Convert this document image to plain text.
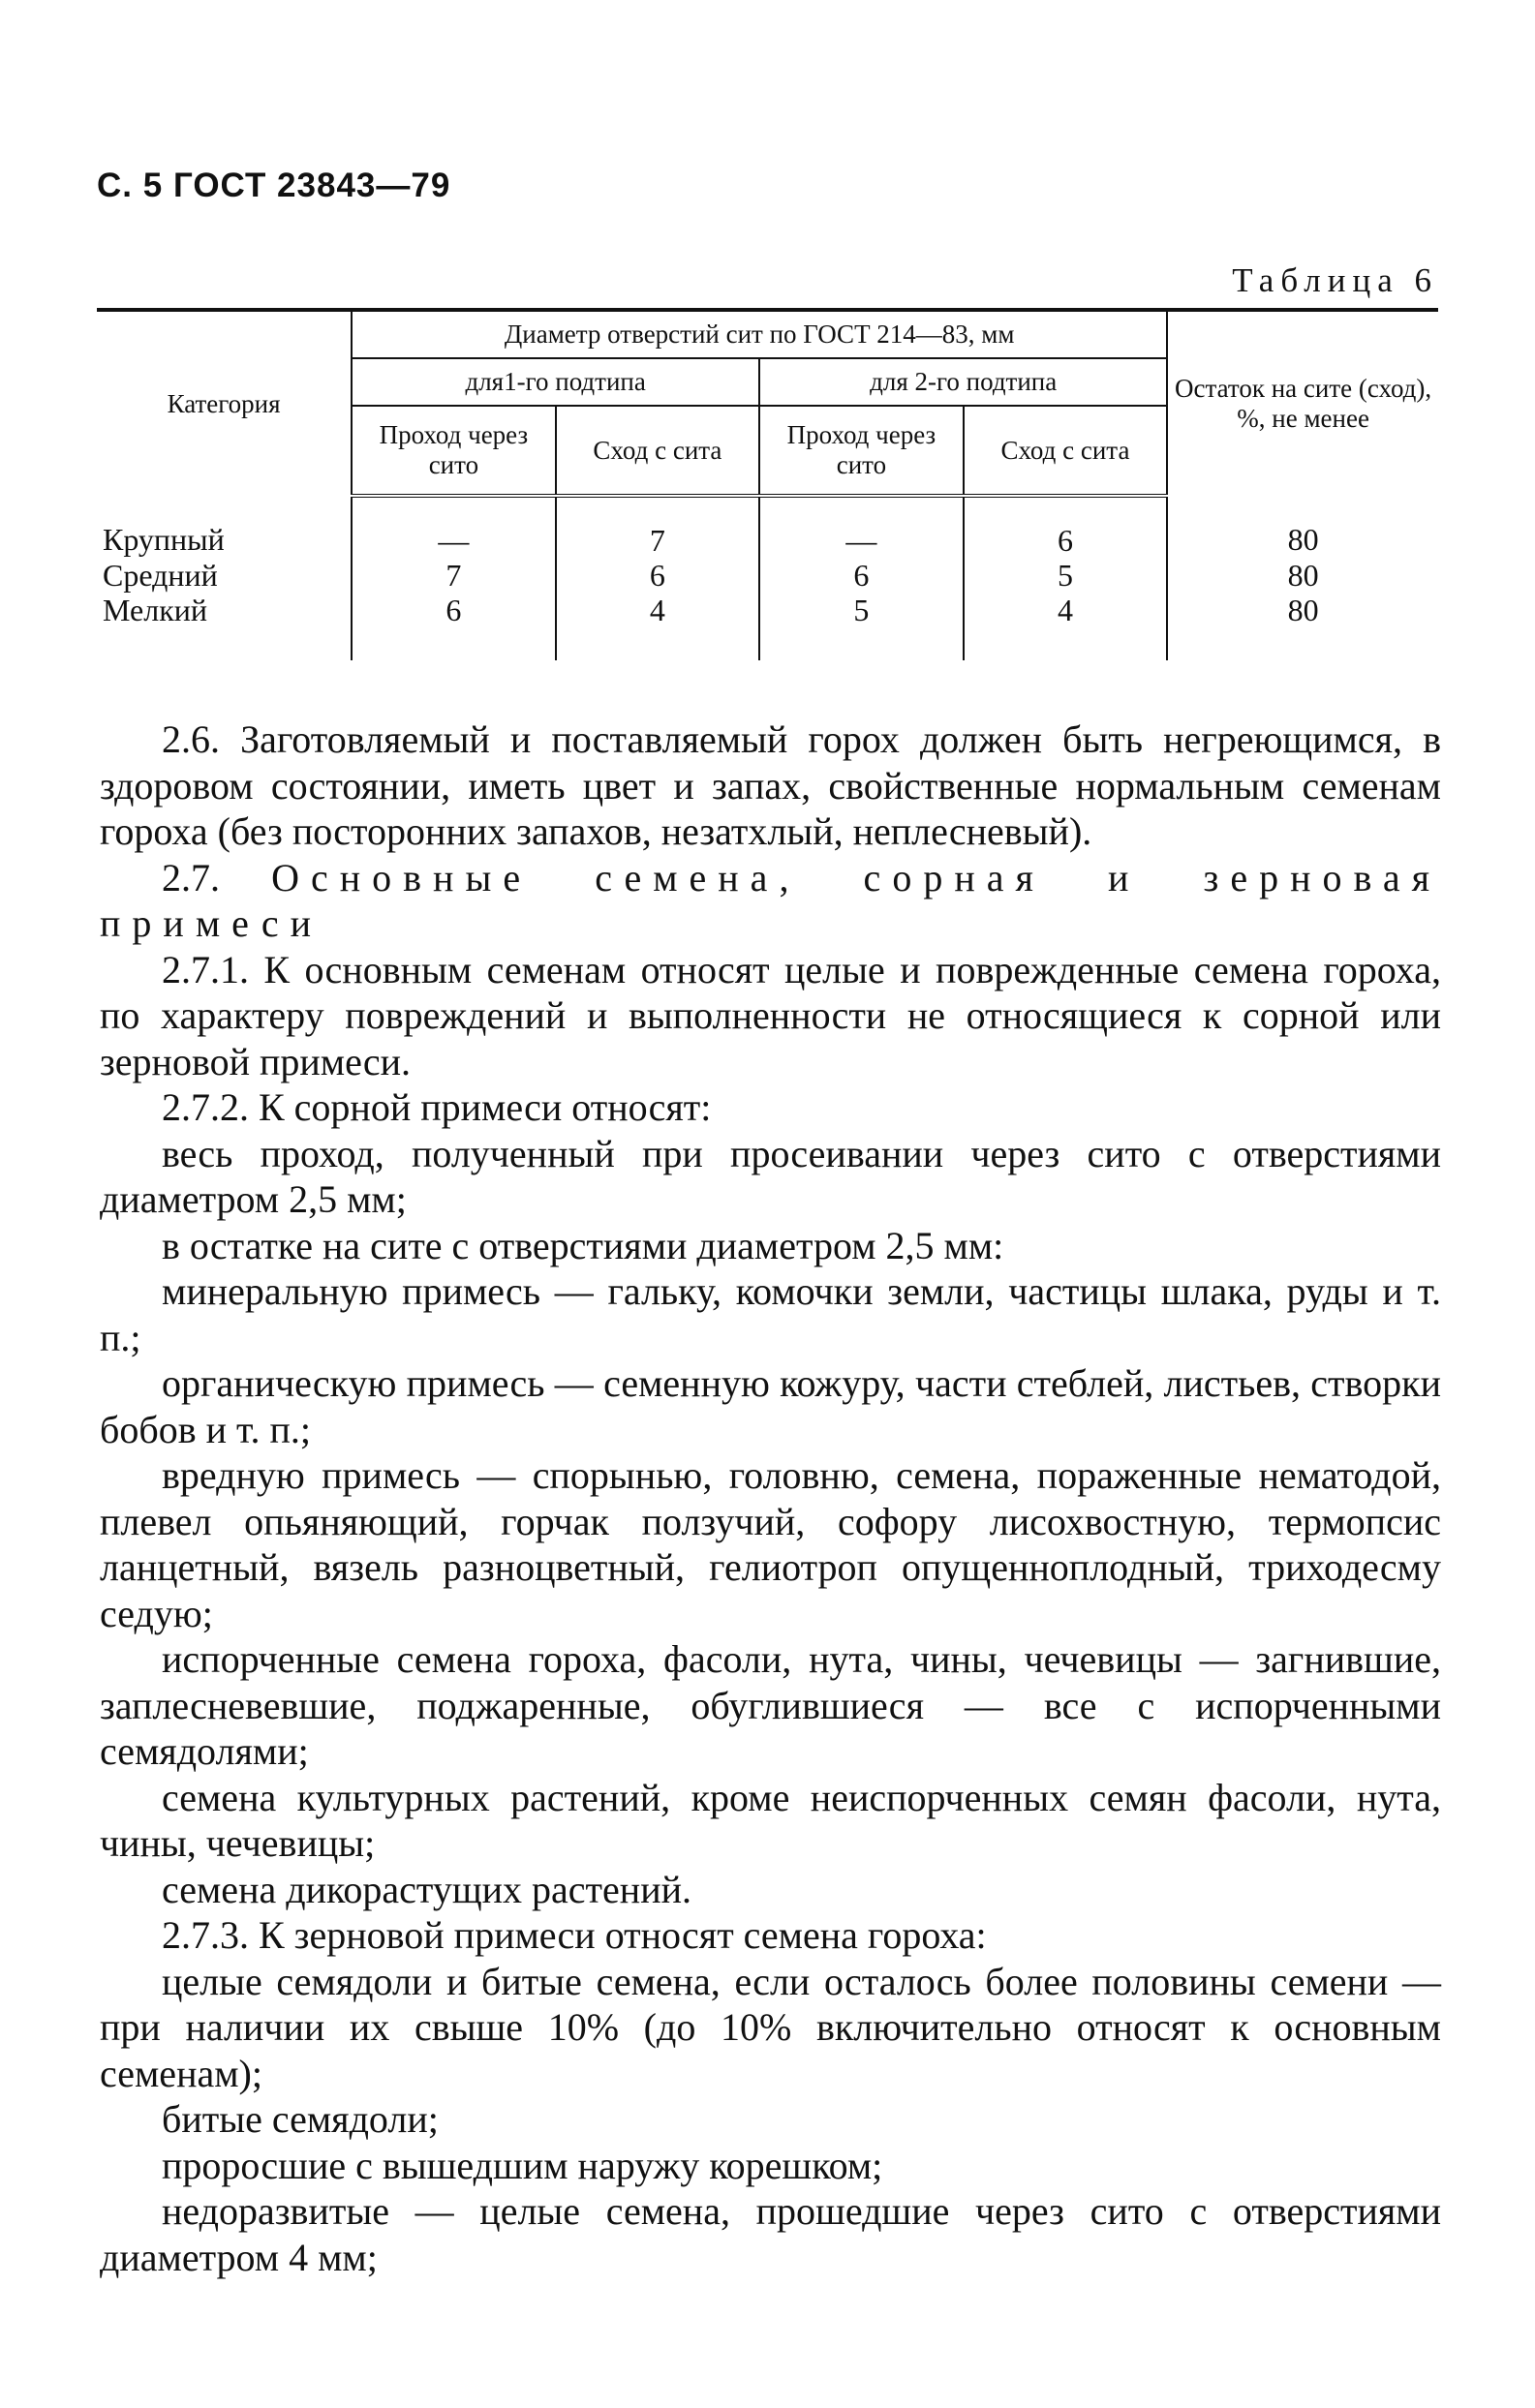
С. 5 ГОСТ 23843—79
Таблица 6
Категория	Диаметр отверстий сит по ГОСТ 214—83, мм				Остаток на сите (сход), %, не менее
	для1-го подтипа		для 2-го подтипа		
	Проход через сито	Сход с сита	Проход через сито	Сход с сита	
Крупный	—	7	—	6	80
Средний	7	6	6	5	80
Мелкий	6	4	5	4	80

2.6. Заготовляемый и поставляемый горох должен быть негреющимся, в здоровом состоянии, иметь цвет и запах, свойственные нормальным семенам гороха (без посторонних запахов, незатхлый, неплесневый).

2.7. Основные семена, сорная и зерновая примеси

2.7.1. К основным семенам относят целые и поврежденные семена гороха, по характеру повреждений и выполненности не относящиеся к сорной или зерновой примеси.

2.7.2. К сорной примеси относят:

весь проход, полученный при просеивании через сито с отверстиями диаметром 2,5 мм;

в остатке на сите с отверстиями диаметром 2,5 мм:

минеральную примесь — гальку, комочки земли, частицы шлака, руды и т. п.;

органическую примесь — семенную кожуру, части стеблей, листьев, створки бобов и т. п.;

вредную примесь — спорынью, головню, семена, пораженные нематодой, плевел опьяняющий, горчак ползучий, софору лисохвостную, термопсис ланцетный, вязель разноцветный, гелиотроп опущенноплодный, триходесму седую;

испорченные семена гороха, фасоли, нута, чины, чечевицы — загнившие, заплесневевшие, поджаренные, обуглившиеся — все с испорченными семядолями;

семена культурных растений, кроме неиспорченных семян фасоли, нута, чины, чечевицы;

семена дикорастущих растений.

2.7.3. К зерновой примеси относят семена гороха:

целые семядоли и битые семена, если осталось более половины семени — при наличии их свыше 10% (до 10% включительно относят к основным семенам);

битые семядоли;

проросшие с вышедшим наружу корешком;

недоразвитые — целые семена, прошедшие через сито с отверстиями диаметром 4 мм;
